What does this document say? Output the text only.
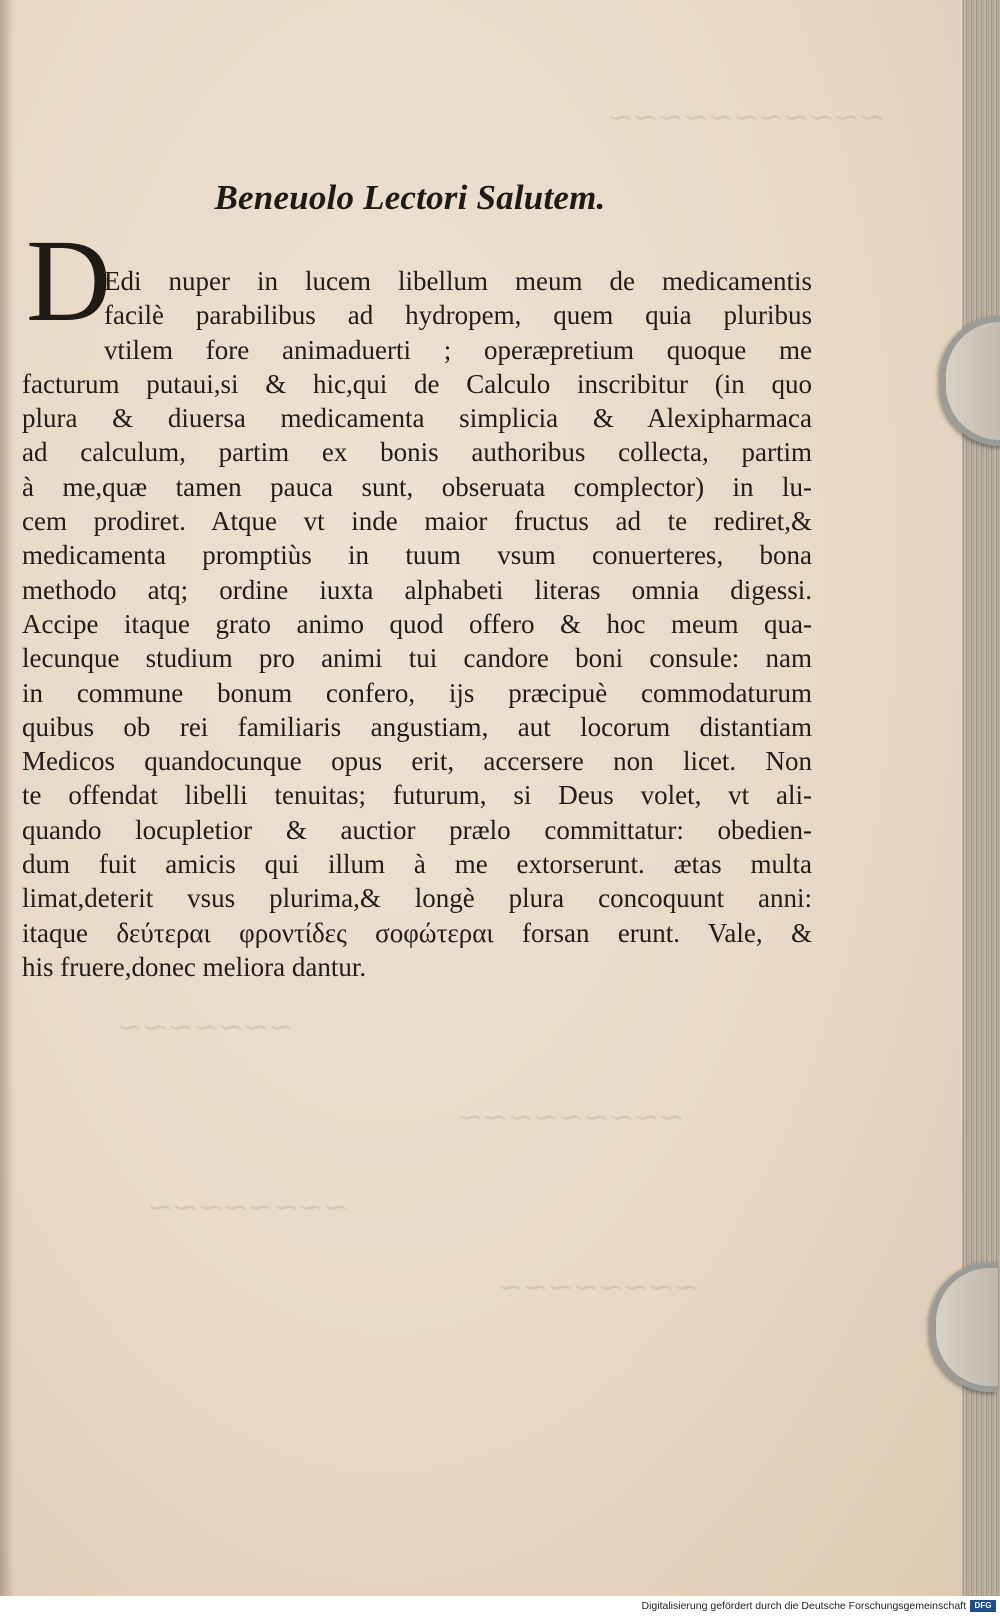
∼∼∼∼∼∼∼∼∼∼∼
∼∼∼∼∼∼∼
∼∼∼∼∼∼∼∼∼
∼∼∼∼∼∼∼∼
∼∼∼∼∼∼∼∼
Beneuolo Lectori Salutem.
D
Edi nuper in lucem libellum meum de medicamentis
facilè parabilibus ad hydropem, quem quia pluribus
vtilem fore animaduerti ; operæpretium quoque me
facturum putaui,si & hic,qui de Calculo inscribitur (in quo
plura & diuersa medicamenta simplicia & Alexipharmaca
ad calculum, partim ex bonis authoribus collecta, partim
à me,quæ tamen pauca sunt, obseruata complector) in lu-
cem prodiret. Atque vt inde maior fructus ad te rediret,&
medicamenta promptiùs in tuum vsum conuerteres, bona
methodo atq; ordine iuxta alphabeti literas omnia digessi.
Accipe itaque grato animo quod offero & hoc meum qua-
lecunque studium pro animi tui candore boni consule: nam
in commune bonum confero, ijs præcipuè commodaturum
quibus ob rei familiaris angustiam, aut locorum distantiam
Medicos quandocunque opus erit, accersere non licet. Non
te offendat libelli tenuitas; futurum, si Deus volet, vt ali-
quando locupletior & auctior prælo committatur: obedien-
dum fuit amicis qui illum à me extorserunt. ætas multa
limat,deterit vsus plurima,& longè plura concoquunt anni:
itaque δεύτεραι φροντίδες σοφώτεραι forsan erunt. Vale, &
his fruere,donec meliora dantur.
Digitalisierung gefördert durch die Deutsche Forschungsgemeinschaft	DFG
